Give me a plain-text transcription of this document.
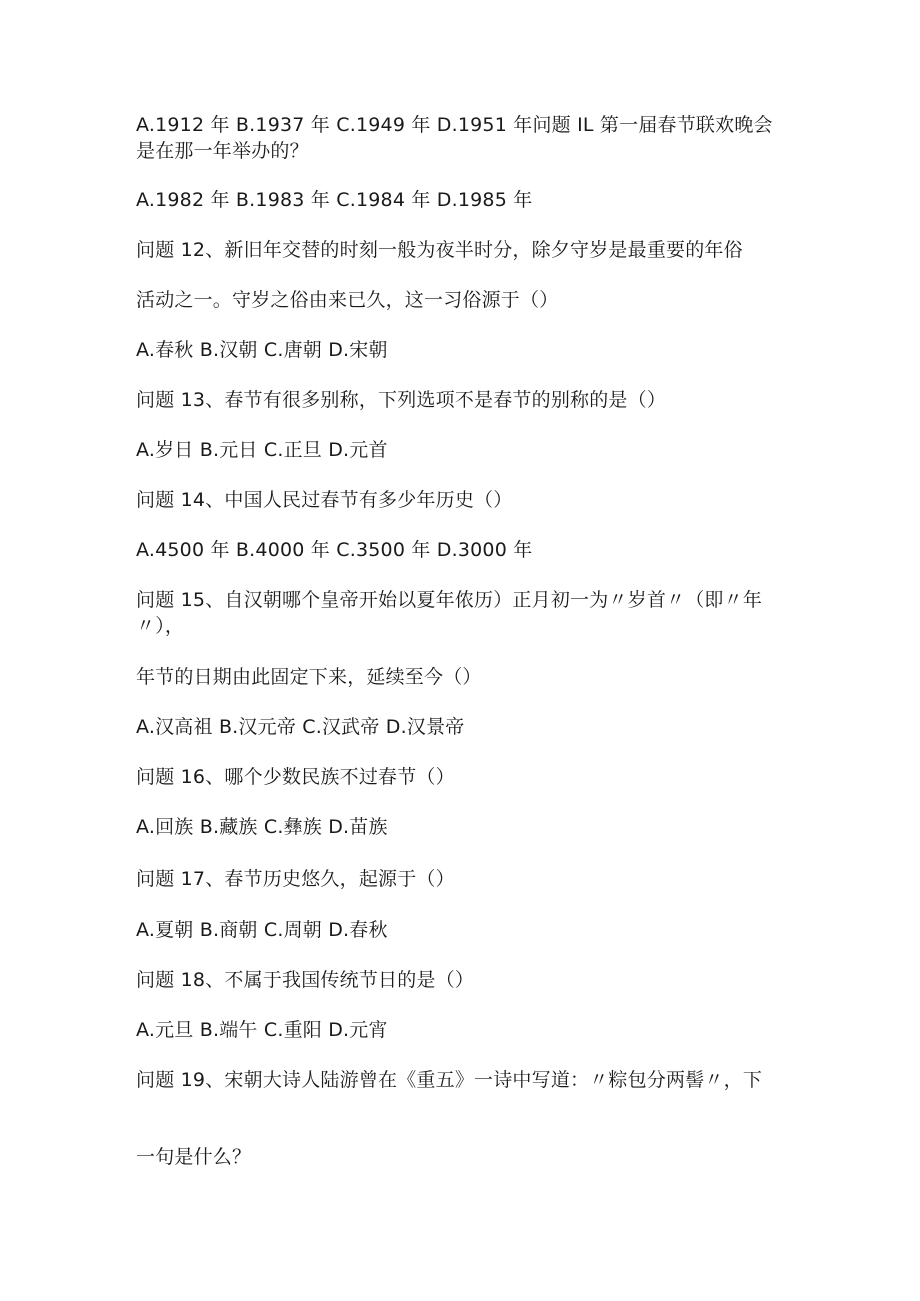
A.1912 年 B.1937 年 C.1949 年 D.1951 年问题 IL 第一届春节联欢晚会是在那一年举办的？
A.1982 年 B.1983 年 C.1984 年 D.1985 年
问题 12、新旧年交替的时刻一般为夜半时分，除夕守岁是最重要的年俗
活动之一。守岁之俗由来已久，这一习俗源于（）
A.春秋 B.汉朝 C.唐朝 D.宋朝
问题 13、春节有很多别称，下列选项不是春节的别称的是（）
A.岁日 B.元日 C.正旦 D.元首
问题 14、中国人民过春节有多少年历史（）
A.4500 年 B.4000 年 C.3500 年 D.3000 年
问题 15、自汉朝哪个皇帝开始以夏年侬历）正月初一为〃岁首〃（即〃年〃），
年节的日期由此固定下来，延续至今（）
A.汉高祖 B.汉元帝 C.汉武帝 D.汉景帝
问题 16、哪个少数民族不过春节（）
A.回族 B.藏族 C.彝族 D.苗族
问题 17、春节历史悠久，起源于（）
A.夏朝 B.商朝 C.周朝 D.春秋
问题 18、不属于我国传统节日的是（）
A.元旦 B.端午 C.重阳 D.元宵
问题 19、宋朝大诗人陆游曾在《重五》一诗中写道：〃粽包分两髻〃，下
一句是什么？
